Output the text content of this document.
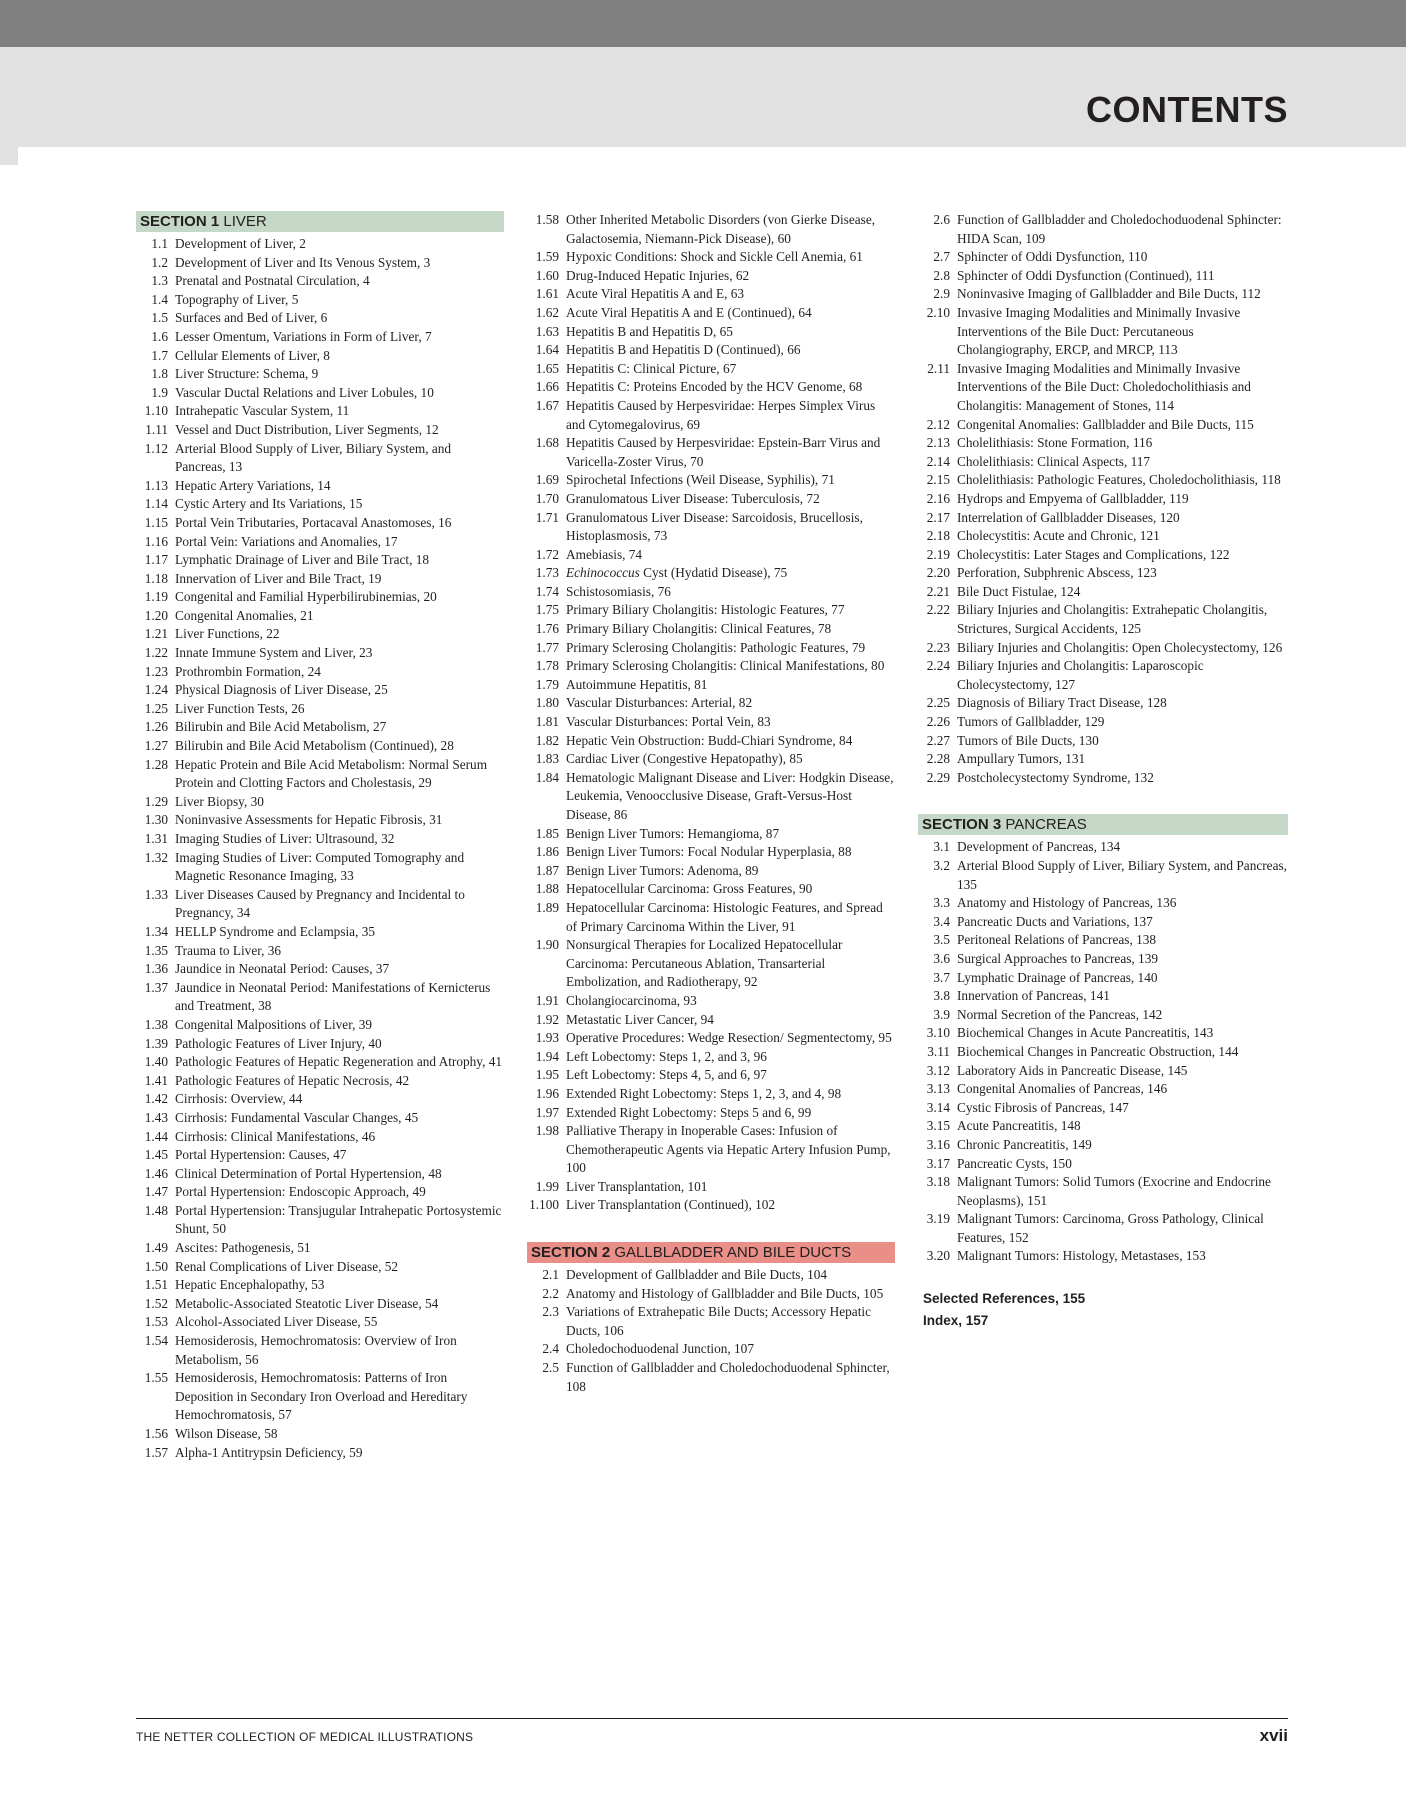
CONTENTS
SECTION 1 LIVER
1.1 Development of Liver, 2
1.2 Development of Liver and Its Venous System, 3
1.3 Prenatal and Postnatal Circulation, 4
1.4 Topography of Liver, 5
1.5 Surfaces and Bed of Liver, 6
1.6 Lesser Omentum, Variations in Form of Liver, 7
1.7 Cellular Elements of Liver, 8
1.8 Liver Structure: Schema, 9
1.9 Vascular Ductal Relations and Liver Lobules, 10
1.10 Intrahepatic Vascular System, 11
1.11 Vessel and Duct Distribution, Liver Segments, 12
1.12 Arterial Blood Supply of Liver, Biliary System, and Pancreas, 13
1.13 Hepatic Artery Variations, 14
1.14 Cystic Artery and Its Variations, 15
1.15 Portal Vein Tributaries, Portacaval Anastomoses, 16
1.16 Portal Vein: Variations and Anomalies, 17
1.17 Lymphatic Drainage of Liver and Bile Tract, 18
1.18 Innervation of Liver and Bile Tract, 19
1.19 Congenital and Familial Hyperbilirubinemias, 20
1.20 Congenital Anomalies, 21
1.21 Liver Functions, 22
1.22 Innate Immune System and Liver, 23
1.23 Prothrombin Formation, 24
1.24 Physical Diagnosis of Liver Disease, 25
1.25 Liver Function Tests, 26
1.26 Bilirubin and Bile Acid Metabolism, 27
1.27 Bilirubin and Bile Acid Metabolism (Continued), 28
1.28 Hepatic Protein and Bile Acid Metabolism: Normal Serum Protein and Clotting Factors and Cholestasis, 29
1.29 Liver Biopsy, 30
1.30 Noninvasive Assessments for Hepatic Fibrosis, 31
1.31 Imaging Studies of Liver: Ultrasound, 32
1.32 Imaging Studies of Liver: Computed Tomography and Magnetic Resonance Imaging, 33
1.33 Liver Diseases Caused by Pregnancy and Incidental to Pregnancy, 34
1.34 HELLP Syndrome and Eclampsia, 35
1.35 Trauma to Liver, 36
1.36 Jaundice in Neonatal Period: Causes, 37
1.37 Jaundice in Neonatal Period: Manifestations of Kernicterus and Treatment, 38
1.38 Congenital Malpositions of Liver, 39
1.39 Pathologic Features of Liver Injury, 40
1.40 Pathologic Features of Hepatic Regeneration and Atrophy, 41
1.41 Pathologic Features of Hepatic Necrosis, 42
1.42 Cirrhosis: Overview, 44
1.43 Cirrhosis: Fundamental Vascular Changes, 45
1.44 Cirrhosis: Clinical Manifestations, 46
1.45 Portal Hypertension: Causes, 47
1.46 Clinical Determination of Portal Hypertension, 48
1.47 Portal Hypertension: Endoscopic Approach, 49
1.48 Portal Hypertension: Transjugular Intrahepatic Portosystemic Shunt, 50
1.49 Ascites: Pathogenesis, 51
1.50 Renal Complications of Liver Disease, 52
1.51 Hepatic Encephalopathy, 53
1.52 Metabolic-Associated Steatotic Liver Disease, 54
1.53 Alcohol-Associated Liver Disease, 55
1.54 Hemosiderosis, Hemochromatosis: Overview of Iron Metabolism, 56
1.55 Hemosiderosis, Hemochromatosis: Patterns of Iron Deposition in Secondary Iron Overload and Hereditary Hemochromatosis, 57
1.56 Wilson Disease, 58
1.57 Alpha-1 Antitrypsin Deficiency, 59
1.58 Other Inherited Metabolic Disorders (von Gierke Disease, Galactosemia, Niemann-Pick Disease), 60
1.59 Hypoxic Conditions: Shock and Sickle Cell Anemia, 61
1.60 Drug-Induced Hepatic Injuries, 62
1.61 Acute Viral Hepatitis A and E, 63
1.62 Acute Viral Hepatitis A and E (Continued), 64
1.63 Hepatitis B and Hepatitis D, 65
1.64 Hepatitis B and Hepatitis D (Continued), 66
1.65 Hepatitis C: Clinical Picture, 67
1.66 Hepatitis C: Proteins Encoded by the HCV Genome, 68
1.67 Hepatitis Caused by Herpesviridae: Herpes Simplex Virus and Cytomegalovirus, 69
1.68 Hepatitis Caused by Herpesviridae: Epstein-Barr Virus and Varicella-Zoster Virus, 70
1.69 Spirochetal Infections (Weil Disease, Syphilis), 71
1.70 Granulomatous Liver Disease: Tuberculosis, 72
1.71 Granulomatous Liver Disease: Sarcoidosis, Brucellosis, Histoplasmosis, 73
1.72 Amebiasis, 74
1.73 Echinococcus Cyst (Hydatid Disease), 75
1.74 Schistosomiasis, 76
1.75 Primary Biliary Cholangitis: Histologic Features, 77
1.76 Primary Biliary Cholangitis: Clinical Features, 78
1.77 Primary Sclerosing Cholangitis: Pathologic Features, 79
1.78 Primary Sclerosing Cholangitis: Clinical Manifestations, 80
1.79 Autoimmune Hepatitis, 81
1.80 Vascular Disturbances: Arterial, 82
1.81 Vascular Disturbances: Portal Vein, 83
1.82 Hepatic Vein Obstruction: Budd-Chiari Syndrome, 84
1.83 Cardiac Liver (Congestive Hepatopathy), 85
1.84 Hematologic Malignant Disease and Liver: Hodgkin Disease, Leukemia, Venoocclusive Disease, Graft-Versus-Host Disease, 86
1.85 Benign Liver Tumors: Hemangioma, 87
1.86 Benign Liver Tumors: Focal Nodular Hyperplasia, 88
1.87 Benign Liver Tumors: Adenoma, 89
1.88 Hepatocellular Carcinoma: Gross Features, 90
1.89 Hepatocellular Carcinoma: Histologic Features, and Spread of Primary Carcinoma Within the Liver, 91
1.90 Nonsurgical Therapies for Localized Hepatocellular Carcinoma: Percutaneous Ablation, Transarterial Embolization, and Radiotherapy, 92
1.91 Cholangiocarcinoma, 93
1.92 Metastatic Liver Cancer, 94
1.93 Operative Procedures: Wedge Resection/ Segmentectomy, 95
1.94 Left Lobectomy: Steps 1, 2, and 3, 96
1.95 Left Lobectomy: Steps 4, 5, and 6, 97
1.96 Extended Right Lobectomy: Steps 1, 2, 3, and 4, 98
1.97 Extended Right Lobectomy: Steps 5 and 6, 99
1.98 Palliative Therapy in Inoperable Cases: Infusion of Chemotherapeutic Agents via Hepatic Artery Infusion Pump, 100
1.99 Liver Transplantation, 101
1.100 Liver Transplantation (Continued), 102
SECTION 2 GALLBLADDER AND BILE DUCTS
2.1 Development of Gallbladder and Bile Ducts, 104
2.2 Anatomy and Histology of Gallbladder and Bile Ducts, 105
2.3 Variations of Extrahepatic Bile Ducts; Accessory Hepatic Ducts, 106
2.4 Choledochoduodenal Junction, 107
2.5 Function of Gallbladder and Choledochoduodenal Sphincter, 108
2.6 Function of Gallbladder and Choledochoduodenal Sphincter: HIDA Scan, 109
2.7 Sphincter of Oddi Dysfunction, 110
2.8 Sphincter of Oddi Dysfunction (Continued), 111
2.9 Noninvasive Imaging of Gallbladder and Bile Ducts, 112
2.10 Invasive Imaging Modalities and Minimally Invasive Interventions of the Bile Duct: Percutaneous Cholangiography, ERCP, and MRCP, 113
2.11 Invasive Imaging Modalities and Minimally Invasive Interventions of the Bile Duct: Choledocholithiasis and Cholangitis: Management of Stones, 114
2.12 Congenital Anomalies: Gallbladder and Bile Ducts, 115
2.13 Cholelithiasis: Stone Formation, 116
2.14 Cholelithiasis: Clinical Aspects, 117
2.15 Cholelithiasis: Pathologic Features, Choledocholithiasis, 118
2.16 Hydrops and Empyema of Gallbladder, 119
2.17 Interrelation of Gallbladder Diseases, 120
2.18 Cholecystitis: Acute and Chronic, 121
2.19 Cholecystitis: Later Stages and Complications, 122
2.20 Perforation, Subphrenic Abscess, 123
2.21 Bile Duct Fistulae, 124
2.22 Biliary Injuries and Cholangitis: Extrahepatic Cholangitis, Strictures, Surgical Accidents, 125
2.23 Biliary Injuries and Cholangitis: Open Cholecystectomy, 126
2.24 Biliary Injuries and Cholangitis: Laparoscopic Cholecystectomy, 127
2.25 Diagnosis of Biliary Tract Disease, 128
2.26 Tumors of Gallbladder, 129
2.27 Tumors of Bile Ducts, 130
2.28 Ampullary Tumors, 131
2.29 Postcholecystectomy Syndrome, 132
SECTION 3 PANCREAS
3.1 Development of Pancreas, 134
3.2 Arterial Blood Supply of Liver, Biliary System, and Pancreas, 135
3.3 Anatomy and Histology of Pancreas, 136
3.4 Pancreatic Ducts and Variations, 137
3.5 Peritoneal Relations of Pancreas, 138
3.6 Surgical Approaches to Pancreas, 139
3.7 Lymphatic Drainage of Pancreas, 140
3.8 Innervation of Pancreas, 141
3.9 Normal Secretion of the Pancreas, 142
3.10 Biochemical Changes in Acute Pancreatitis, 143
3.11 Biochemical Changes in Pancreatic Obstruction, 144
3.12 Laboratory Aids in Pancreatic Disease, 145
3.13 Congenital Anomalies of Pancreas, 146
3.14 Cystic Fibrosis of Pancreas, 147
3.15 Acute Pancreatitis, 148
3.16 Chronic Pancreatitis, 149
3.17 Pancreatic Cysts, 150
3.18 Malignant Tumors: Solid Tumors (Exocrine and Endocrine Neoplasms), 151
3.19 Malignant Tumors: Carcinoma, Gross Pathology, Clinical Features, 152
3.20 Malignant Tumors: Histology, Metastases, 153
Selected References, 155
Index, 157
THE NETTER COLLECTION OF MEDICAL ILLUSTRATIONS	xvii
